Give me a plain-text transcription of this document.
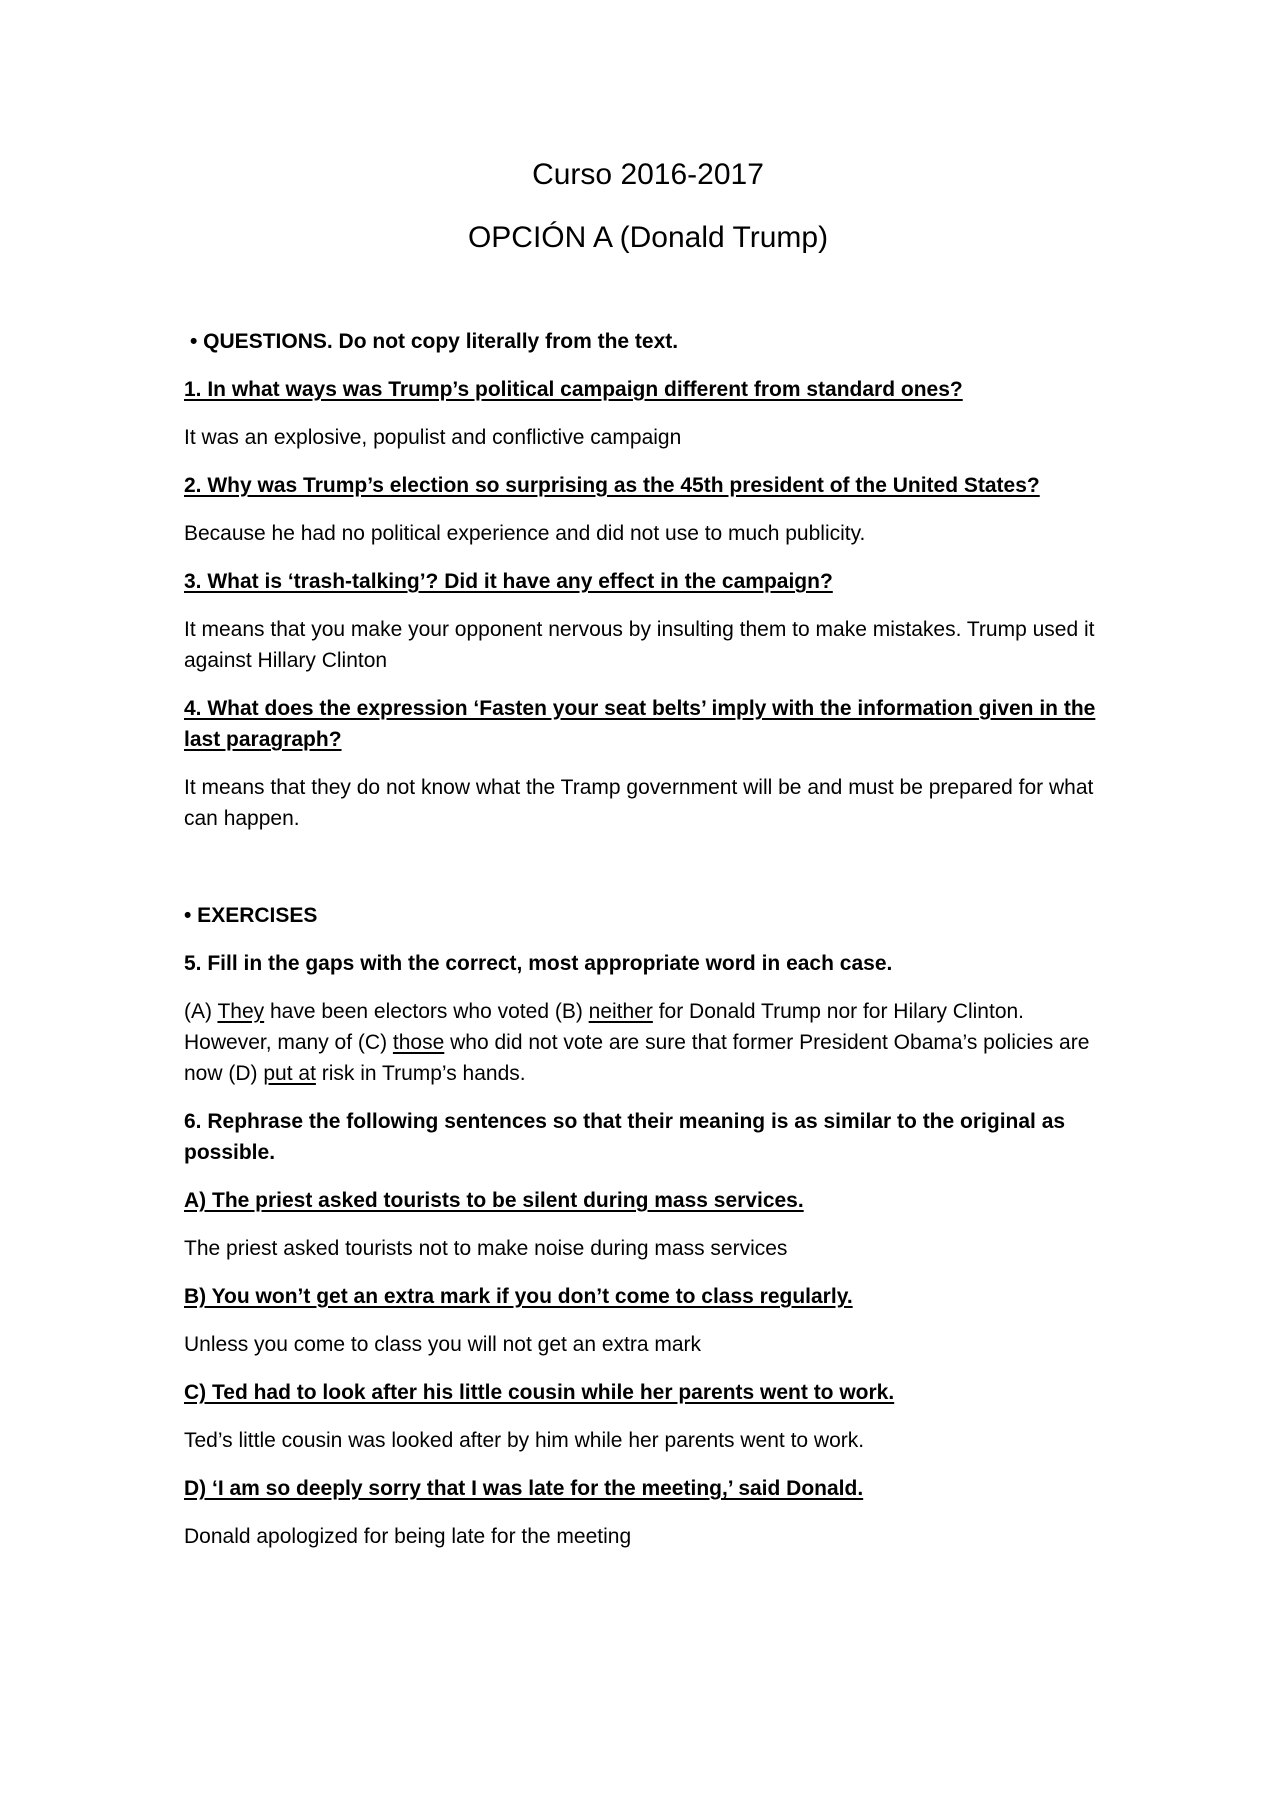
Curso 2016-2017
OPCIÓN A (Donald Trump)

• QUESTIONS. Do not copy literally from the text.

1. In what ways was Trump’s political campaign different from standard ones?

It was an explosive, populist and conflictive campaign

2. Why was Trump’s election so surprising as the 45th president of the United States?

Because he had no political experience and did not use to much publicity.

3. What is ‘trash-talking’? Did it have any effect in the campaign?

It means that you make your opponent nervous by insulting them to make mistakes. Trump used it against Hillary Clinton

4. What does the expression ‘Fasten your seat belts’ imply with the information given in the last paragraph?

It means that they do not know what the Tramp government will be and must be prepared for what can happen.

• EXERCISES

5. Fill in the gaps with the correct, most appropriate word in each case.

(A) They have been electors who voted (B) neither for Donald Trump nor for Hilary Clinton. However, many of (C) those who did not vote are sure that former President Obama’s policies are now (D) put at risk in Trump’s hands.

6. Rephrase the following sentences so that their meaning is as similar to the original as possible.

A) The priest asked tourists to be silent during mass services.

The priest asked tourists not to make noise during mass services

B) You won’t get an extra mark if you don’t come to class regularly.

Unless you come to class you will not get an extra mark

C) Ted had to look after his little cousin while her parents went to work.

Ted’s little cousin was looked after by him while her parents went to work.

D) ‘I am so deeply sorry that I was late for the meeting,’ said Donald.

Donald apologized for being late for the meeting
